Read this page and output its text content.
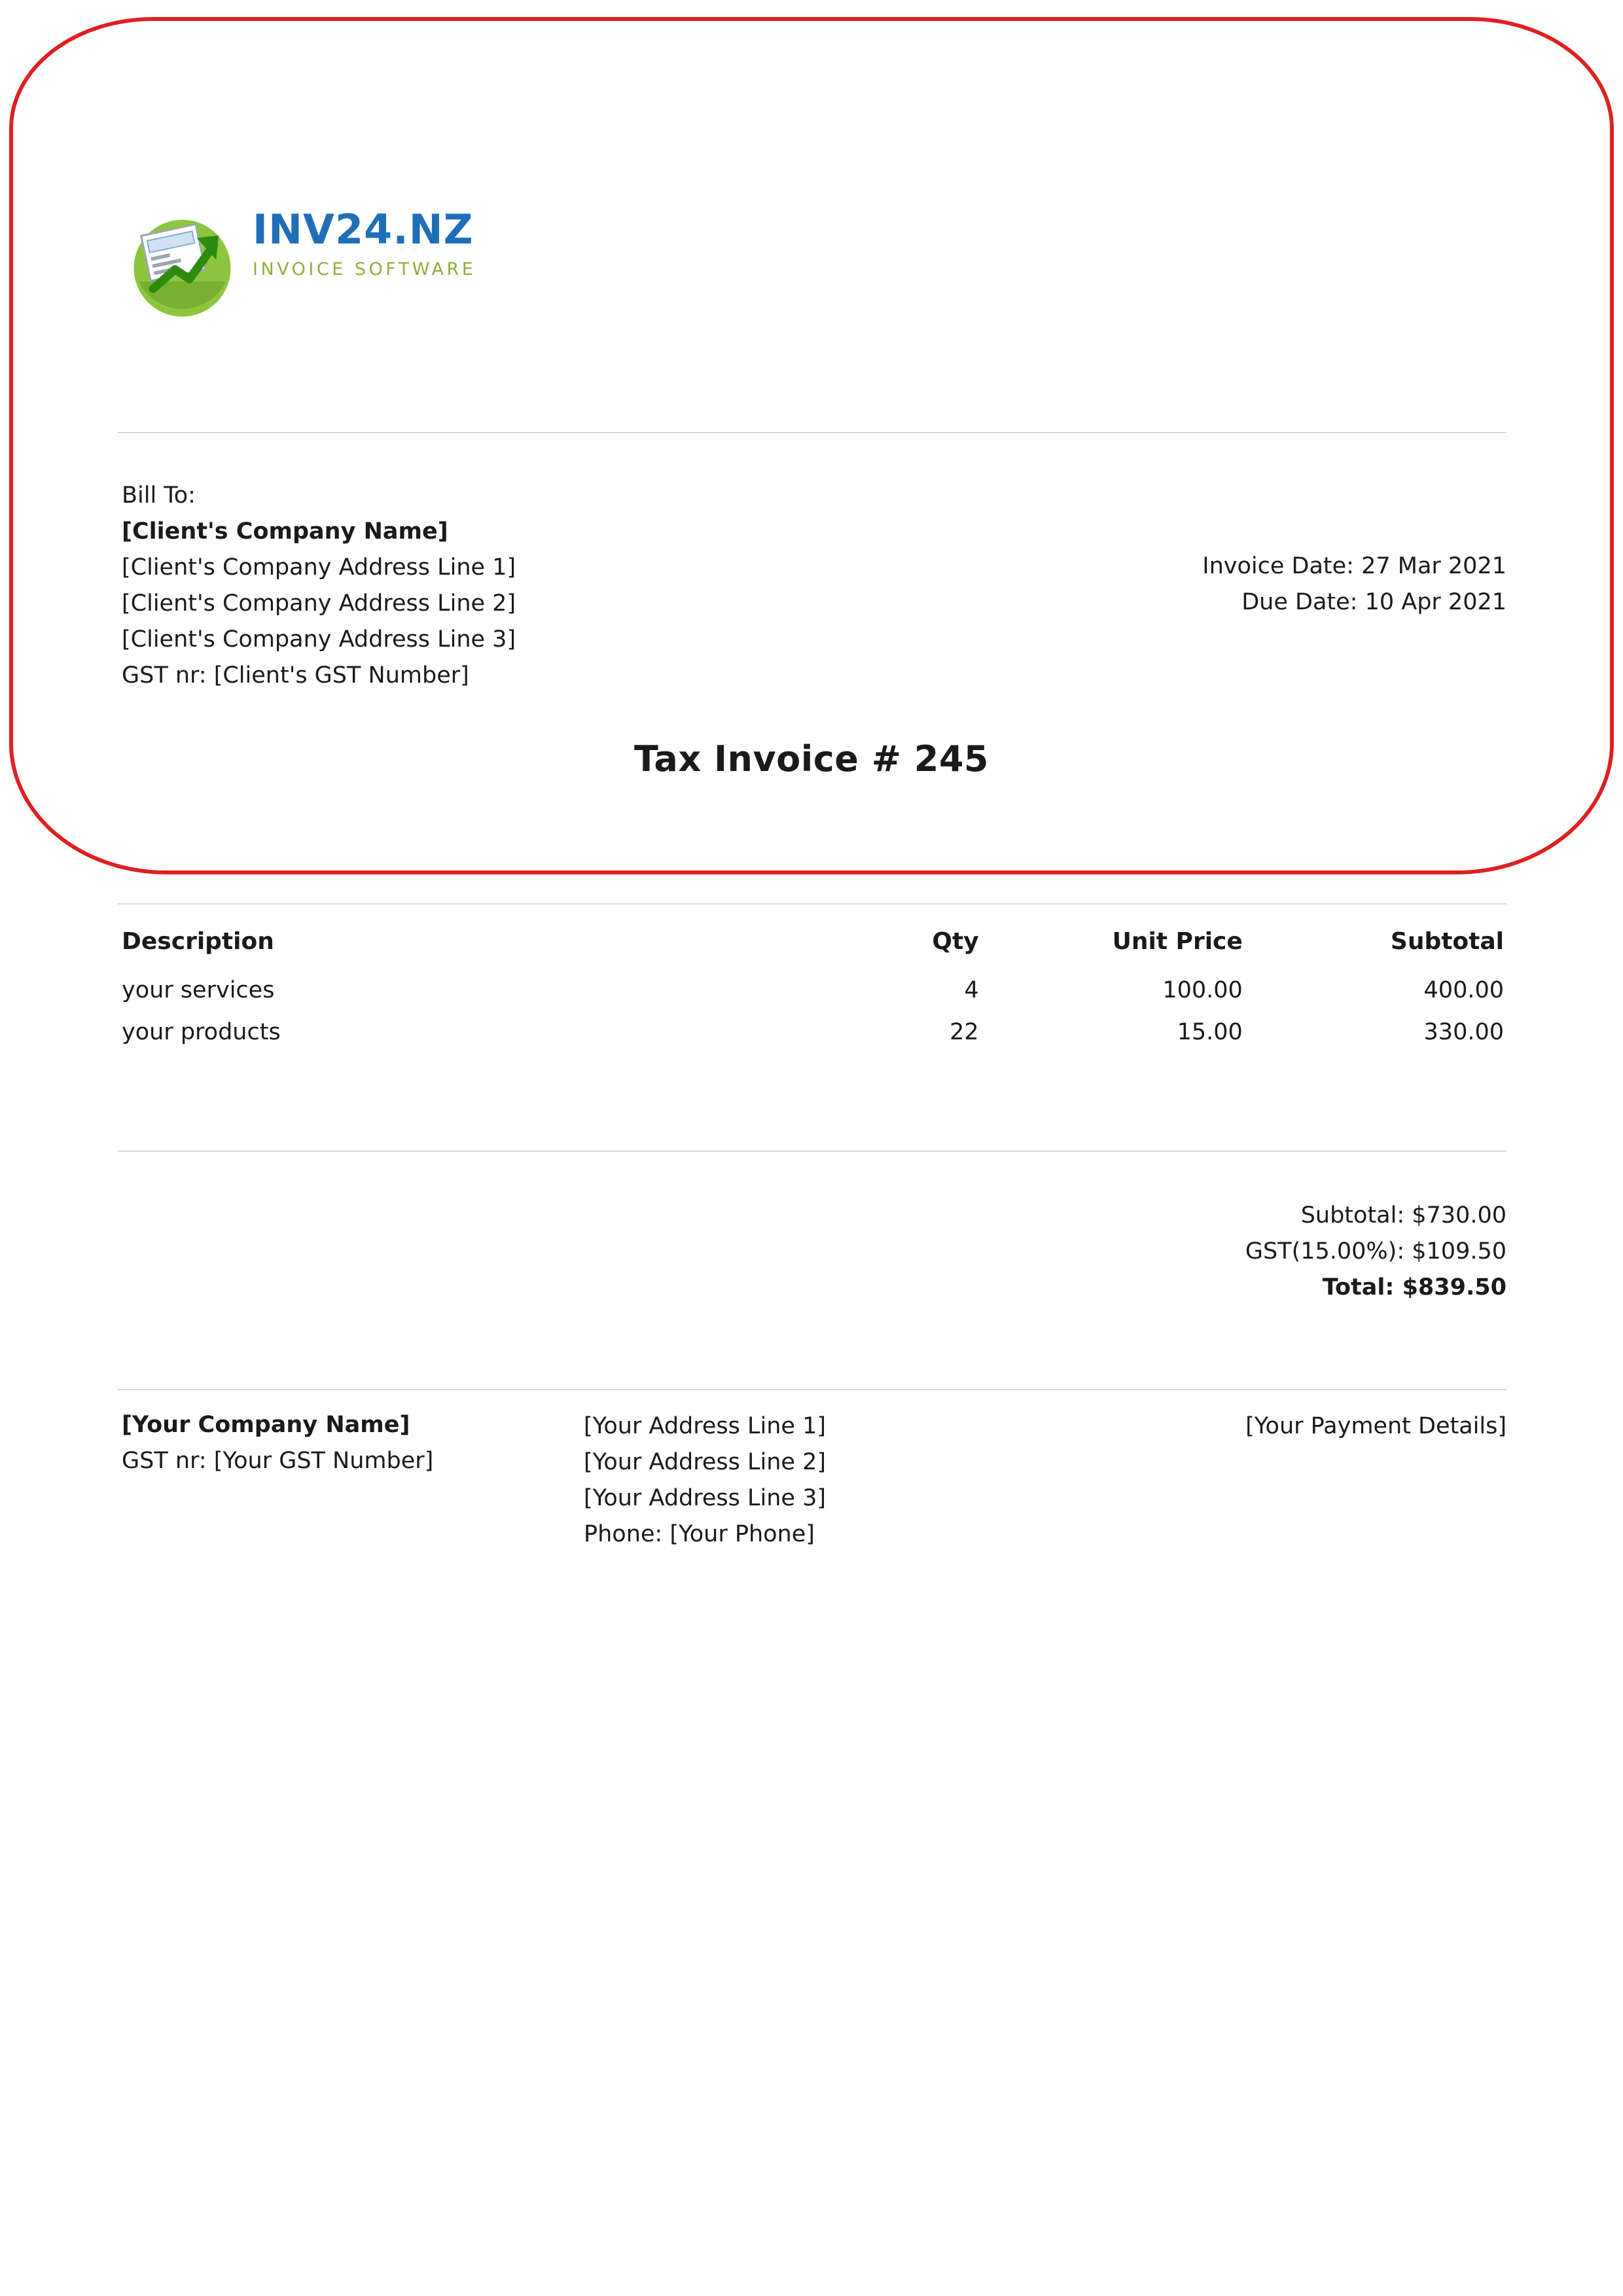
INV24.NZ
INVOICE SOFTWARE
Bill To:
[Client's Company Name]
[Client's Company Address Line 1]
[Client's Company Address Line 2]
[Client's Company Address Line 3]
GST nr: [Client's GST Number]
Invoice Date: 27 Mar 2021
Due Date: 10 Apr 2021
Tax Invoice # 245
Description	Qty	Unit Price	Subtotal
your services	4	100.00	400.00
your products	22	15.00	330.00
Subtotal: $730.00
GST(15.00%): $109.50
Total: $839.50
[Your Company Name]
GST nr: [Your GST Number]
[Your Address Line 1]
[Your Address Line 2]
[Your Address Line 3]
Phone: [Your Phone]
[Your Payment Details]
